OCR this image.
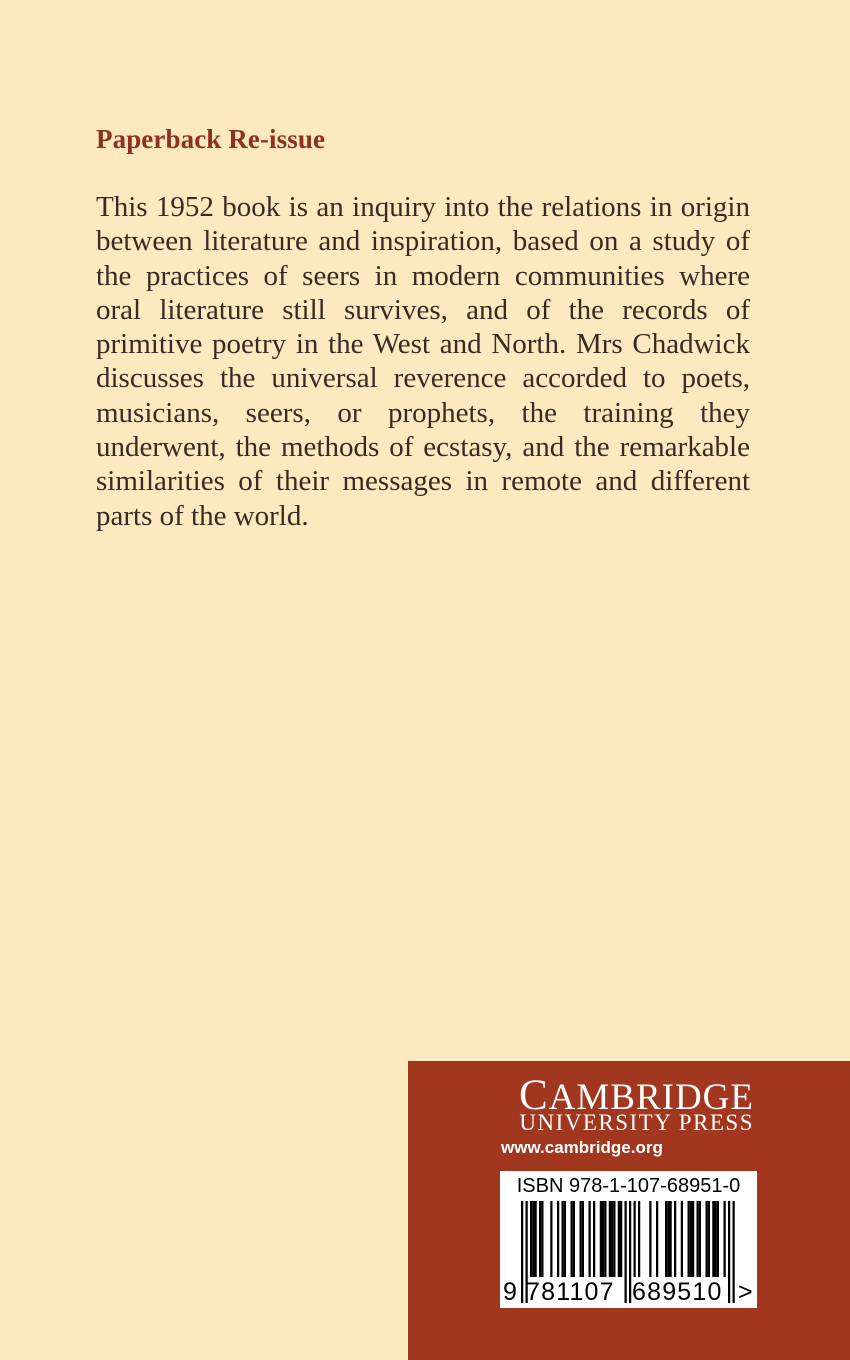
Paperback Re-issue

This 1952 book is an inquiry into the relations in origin between literature and inspiration, based on a study of the practices of seers in modern communities where oral literature still survives, and of the records of primitive poetry in the West and North. Mrs Chadwick discusses the universal reverence accorded to poets, musicians, seers, or prophets, the training they underwent, the methods of ecstasy, and the remarkable similarities of their messages in remote and different parts of the world.

CAMBRIDGE
UNIVERSITY PRESS
www.cambridge.org
ISBN 978-1-107-68951-0
9 781107 689510 >
